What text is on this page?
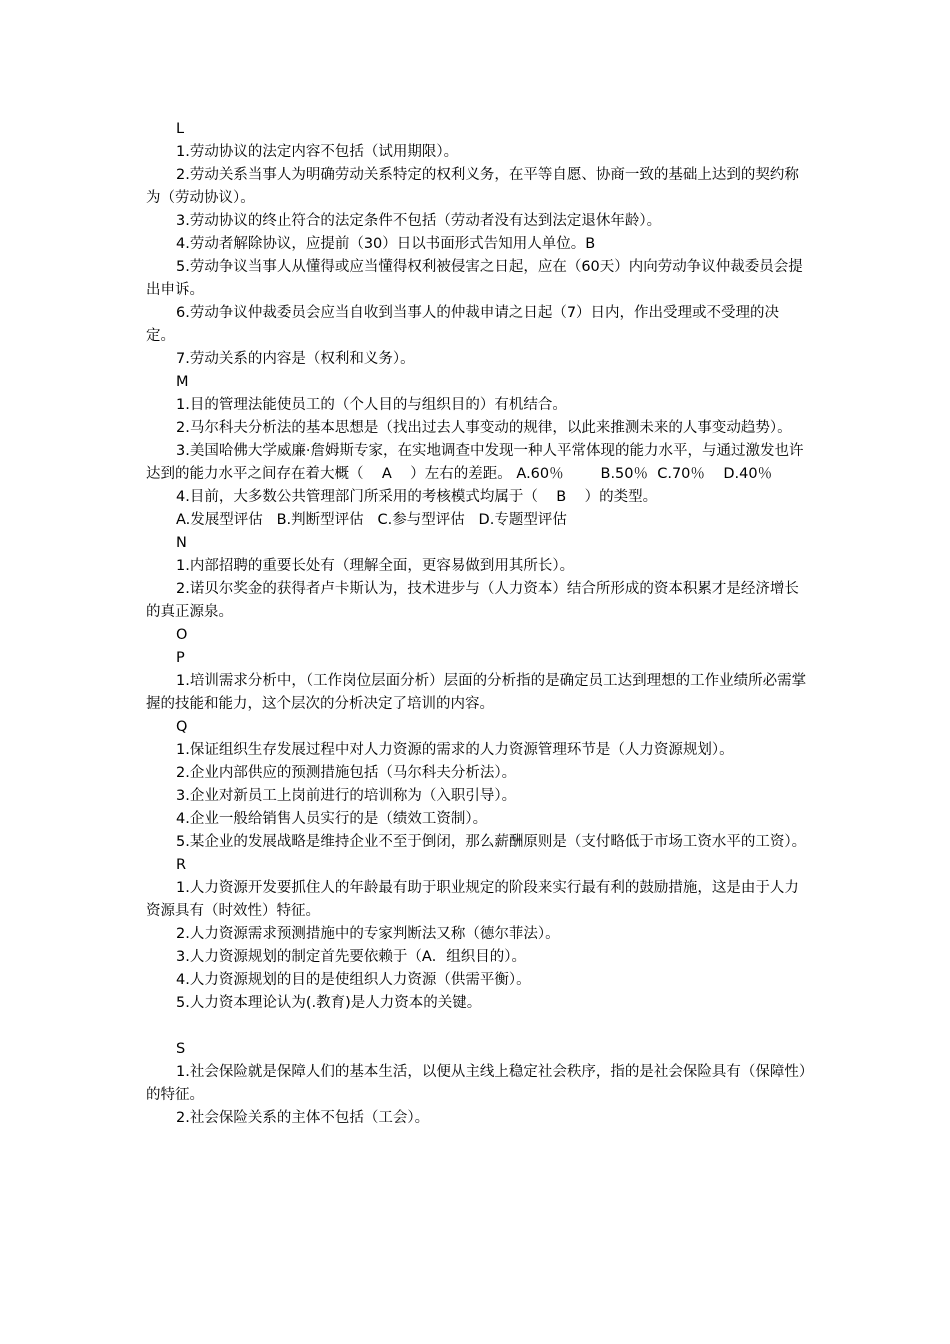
L
1.劳动协议的法定内容不包括（试用期限）。
2.劳动关系当事人为明确劳动关系特定的权利义务，在平等自愿、协商一致的基础上达到的契约称为（劳动协议）。
3.劳动协议的终止符合的法定条件不包括（劳动者没有达到法定退休年龄）。
4.劳动者解除协议，应提前（30）日以书面形式告知用人单位。B
5.劳动争议当事人从懂得或应当懂得权利被侵害之日起，应在（60天）内向劳动争议仲裁委员会提出申诉。
6.劳动争议仲裁委员会应当自收到当事人的仲裁申请之日起（7）日内，作出受理或不受理的决定。
7.劳动关系的内容是（权利和义务）。
M
1.目的管理法能使员工的（个人目的与组织目的）有机结合。
2.马尔科夫分析法的基本思想是（找出过去人事变动的规律，以此来推测未来的人事变动趋势）。
3.美国哈佛大学威廉·詹姆斯专家，在实地调查中发现一种人平常体现的能力水平，与通过激发也许达到的能力水平之间存在着大概（    A    ）左右的差距。 A.60％        B.50％  C.70％    D.40％
4.目前，大多数公共管理部门所采用的考核模式均属于（    B    ）的类型。
A.发展型评估   B.判断型评估   C.参与型评估   D.专题型评估
N
1.内部招聘的重要长处有（理解全面，更容易做到用其所长）。
2.诺贝尔奖金的获得者卢卡斯认为，技术进步与（人力资本）结合所形成的资本积累才是经济增长的真正源泉。
O
P
1.培训需求分析中，（工作岗位层面分析）层面的分析指的是确定员工达到理想的工作业绩所必需掌握的技能和能力，这个层次的分析决定了培训的内容。
Q
1.保证组织生存发展过程中对人力资源的需求的人力资源管理环节是（人力资源规划）。
2.企业内部供应的预测措施包括（马尔科夫分析法）。
3.企业对新员工上岗前进行的培训称为（入职引导）。
4.企业一般给销售人员实行的是（绩效工资制）。
5.某企业的发展战略是维持企业不至于倒闭，那么薪酬原则是（支付略低于市场工资水平的工资）。
R
1.人力资源开发要抓住人的年龄最有助于职业规定的阶段来实行最有利的鼓励措施，这是由于人力资源具有（时效性）特征。
2.人力资源需求预测措施中的专家判断法又称（德尔菲法）。
3.人力资源规划的制定首先要依赖于（A．组织目的）。
4.人力资源规划的目的是使组织人力资源（供需平衡）。
5.人力资本理论认为(.教育)是人力资本的关键。
S
1.社会保险就是保障人们的基本生活，以便从主线上稳定社会秩序，指的是社会保险具有（保障性）的特征。
2.社会保险关系的主体不包括（工会）。
